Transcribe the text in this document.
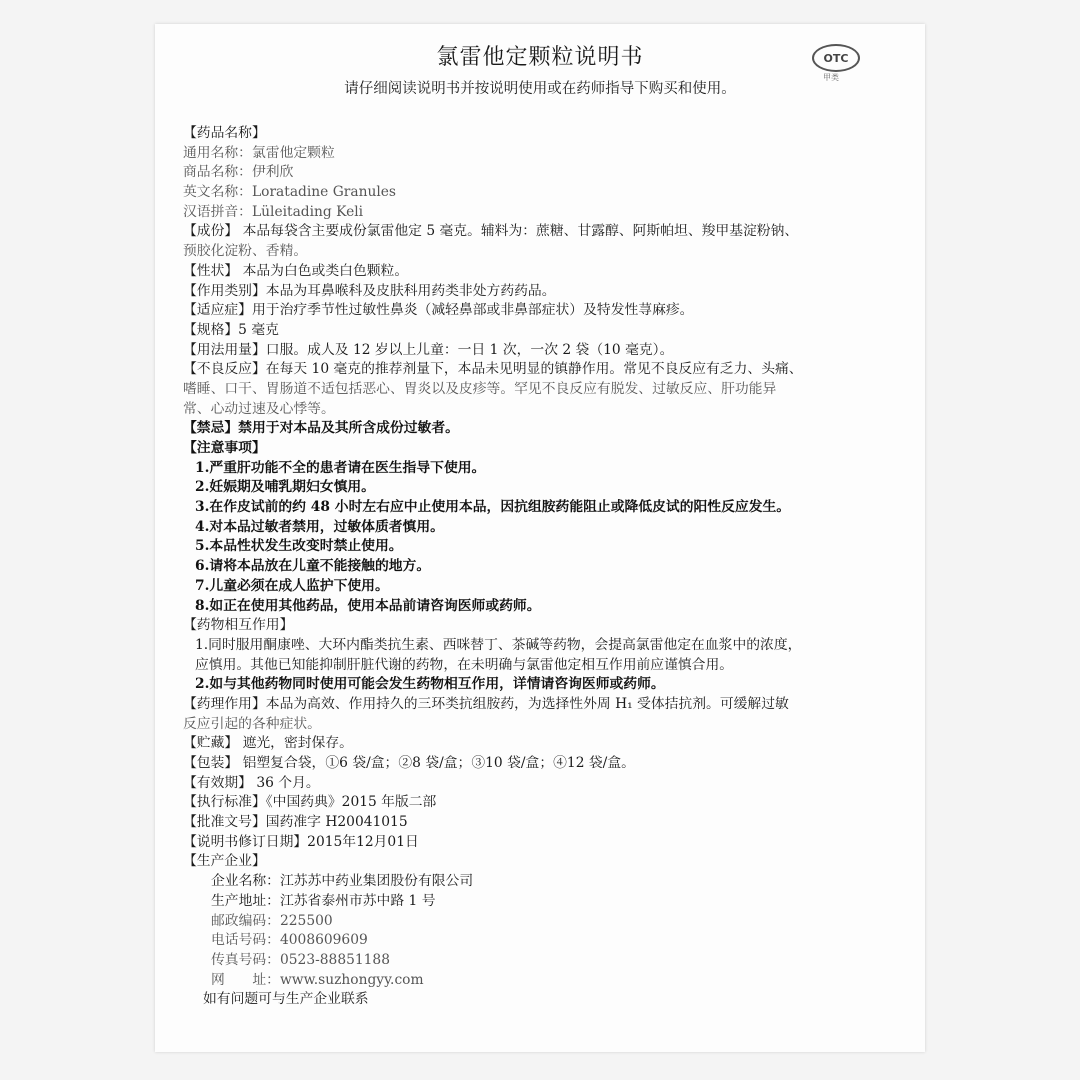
氯雷他定颗粒说明书	OTC
甲类
请仔细阅读说明书并按说明使用或在药师指导下购买和使用。
【药品名称】
通用名称：氯雷他定颗粒
商品名称：伊利欣
英文名称：Loratadine Granules
汉语拼音：Lüleitading Keli
【成份】 本品每袋含主要成份氯雷他定 5 毫克。辅料为：蔗糖、甘露醇、阿斯帕坦、羧甲基淀粉钠、
预胶化淀粉、香精。
【性状】 本品为白色或类白色颗粒。
【作用类别】本品为耳鼻喉科及皮肤科用药类非处方药药品。
【适应症】用于治疗季节性过敏性鼻炎（减轻鼻部或非鼻部症状）及特发性荨麻疹。
【规格】5 毫克
【用法用量】口服。成人及 12 岁以上儿童：一日 1 次，一次 2 袋（10 毫克）。
【不良反应】在每天 10 毫克的推荐剂量下，本品未见明显的镇静作用。常见不良反应有乏力、头痛、
嗜睡、口干、胃肠道不适包括恶心、胃炎以及皮疹等。罕见不良反应有脱发、过敏反应、肝功能异
常、心动过速及心悸等。
【禁忌】禁用于对本品及其所含成份过敏者。
【注意事项】
1.严重肝功能不全的患者请在医生指导下使用。
2.妊娠期及哺乳期妇女慎用。
3.在作皮试前的约 48 小时左右应中止使用本品，因抗组胺药能阻止或降低皮试的阳性反应发生。
4.对本品过敏者禁用，过敏体质者慎用。
5.本品性状发生改变时禁止使用。
6.请将本品放在儿童不能接触的地方。
7.儿童必须在成人监护下使用。
8.如正在使用其他药品，使用本品前请咨询医师或药师。
【药物相互作用】
1.同时服用酮康唑、大环内酯类抗生素、西咪替丁、茶碱等药物，会提高氯雷他定在血浆中的浓度，
应慎用。其他已知能抑制肝脏代谢的药物，在未明确与氯雷他定相互作用前应谨慎合用。
2.如与其他药物同时使用可能会发生药物相互作用，详情请咨询医师或药师。
【药理作用】本品为高效、作用持久的三环类抗组胺药，为选择性外周 H₁ 受体拮抗剂。可缓解过敏
反应引起的各种症状。
【贮藏】 遮光，密封保存。
【包装】 铝塑复合袋，①6 袋/盒；②8 袋/盒；③10 袋/盒；④12 袋/盒。
【有效期】 36 个月。
【执行标准】《中国药典》2015 年版二部
【批准文号】国药准字 H20041015
【说明书修订日期】2015年12月01日
【生产企业】
企业名称：江苏苏中药业集团股份有限公司
生产地址：江苏省泰州市苏中路 1 号
邮政编码：225500
电话号码：4008609609
传真号码：0523-88851188
网　　址：www.suzhongyy.com
如有问题可与生产企业联系
